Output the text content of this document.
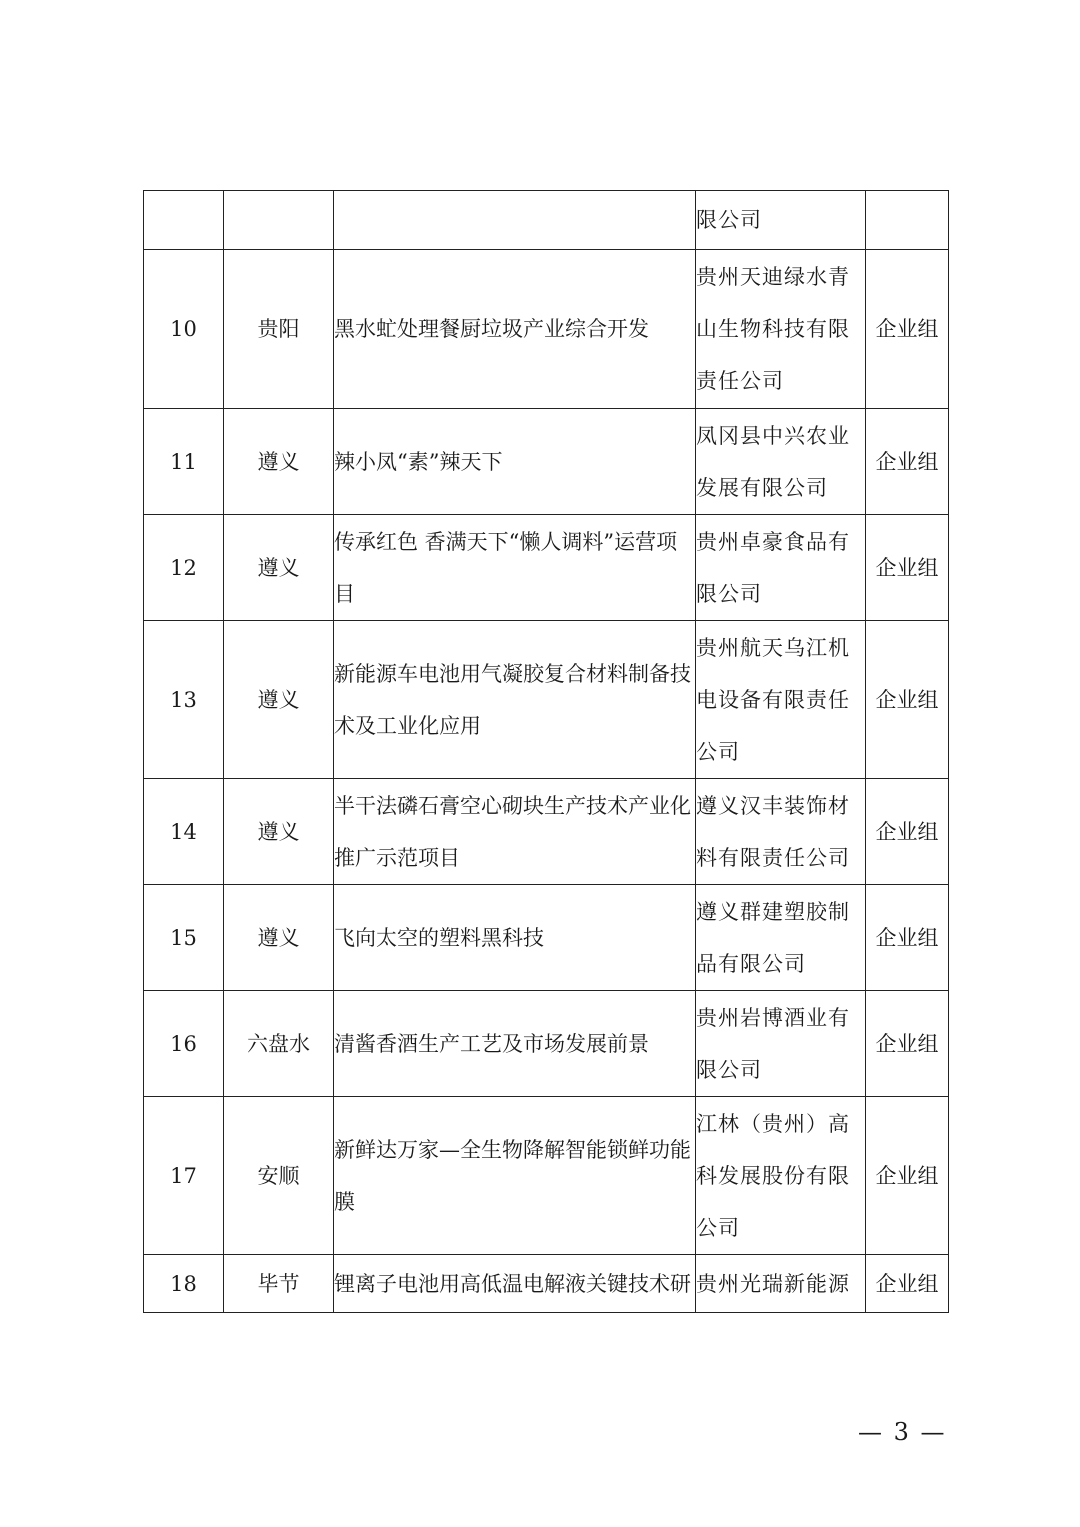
			限公司	
10	贵阳	黑水虻处理餐厨垃圾产业综合开发	贵州天迪绿水青山生物科技有限责任公司	企业组
11	遵义	辣小凤“素”辣天下	凤冈县中兴农业发展有限公司	企业组
12	遵义	传承红色 香满天下“懒人调料”运营项目	贵州卓豪食品有限公司	企业组
13	遵义	新能源车电池用气凝胶复合材料制备技术及工业化应用	贵州航天乌江机电设备有限责任公司	企业组
14	遵义	半干法磷石膏空心砌块生产技术产业化推广示范项目	遵义汉丰装饰材料有限责任公司	企业组
15	遵义	飞向太空的塑料黑科技	遵义群建塑胶制品有限公司	企业组
16	六盘水	清酱香酒生产工艺及市场发展前景	贵州岩博酒业有限公司	企业组
17	安顺	新鲜达万家—全生物降解智能锁鲜功能膜	江林（贵州）高科发展股份有限公司	企业组
18	毕节	锂离子电池用高低温电解液关键技术研	贵州光瑞新能源	企业组
— 3 —
